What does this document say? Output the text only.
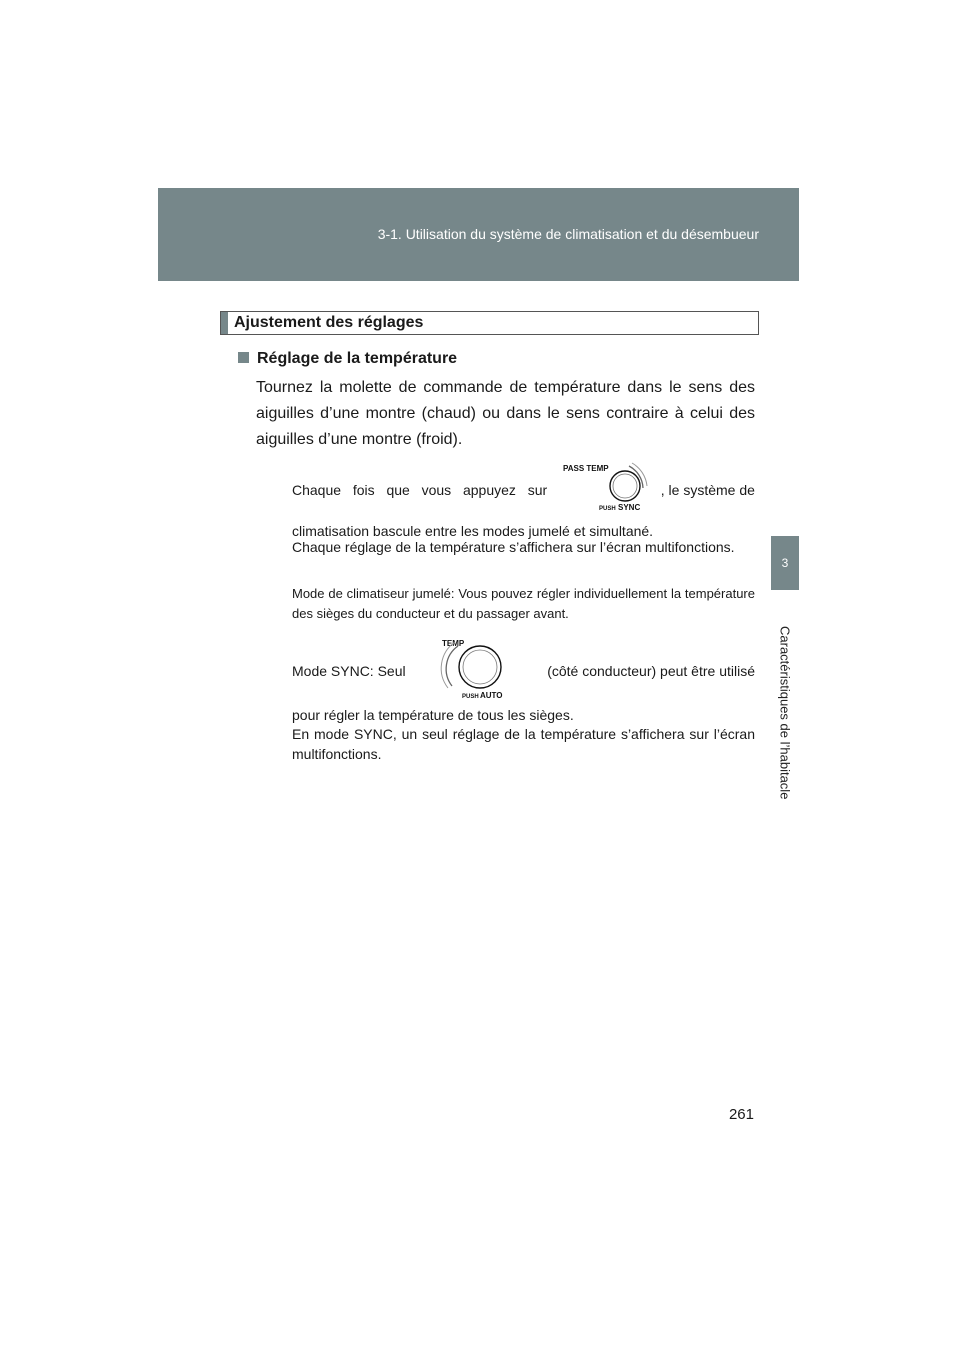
3-1. Utilisation du système de climatisation et du désembueur
3
Caractéristiques de l’habitacle
Ajustement des réglages
Réglage de la température
Tournez la molette de commande de température dans le sens des aiguilles d’une montre (chaud) ou dans le sens contraire à celui des aiguilles d’une montre (froid).
Chaque fois que vous appuyez sur
PASS TEMP
PUSH SYNC
, le système de
climatisation bascule entre les modes jumelé et simultané.
Chaque réglage de la température s’affichera sur l’écran multifonctions.
Mode de climatiseur jumelé: Vous pouvez régler individuellement la température des sièges du conducteur et du passager avant.
Mode SYNC: Seul
TEMP
PUSH AUTO
(côté conducteur) peut être utilisé
pour régler la température de tous les sièges.
En mode SYNC, un seul réglage de la température s’affichera sur l’écran multifonctions.
261
